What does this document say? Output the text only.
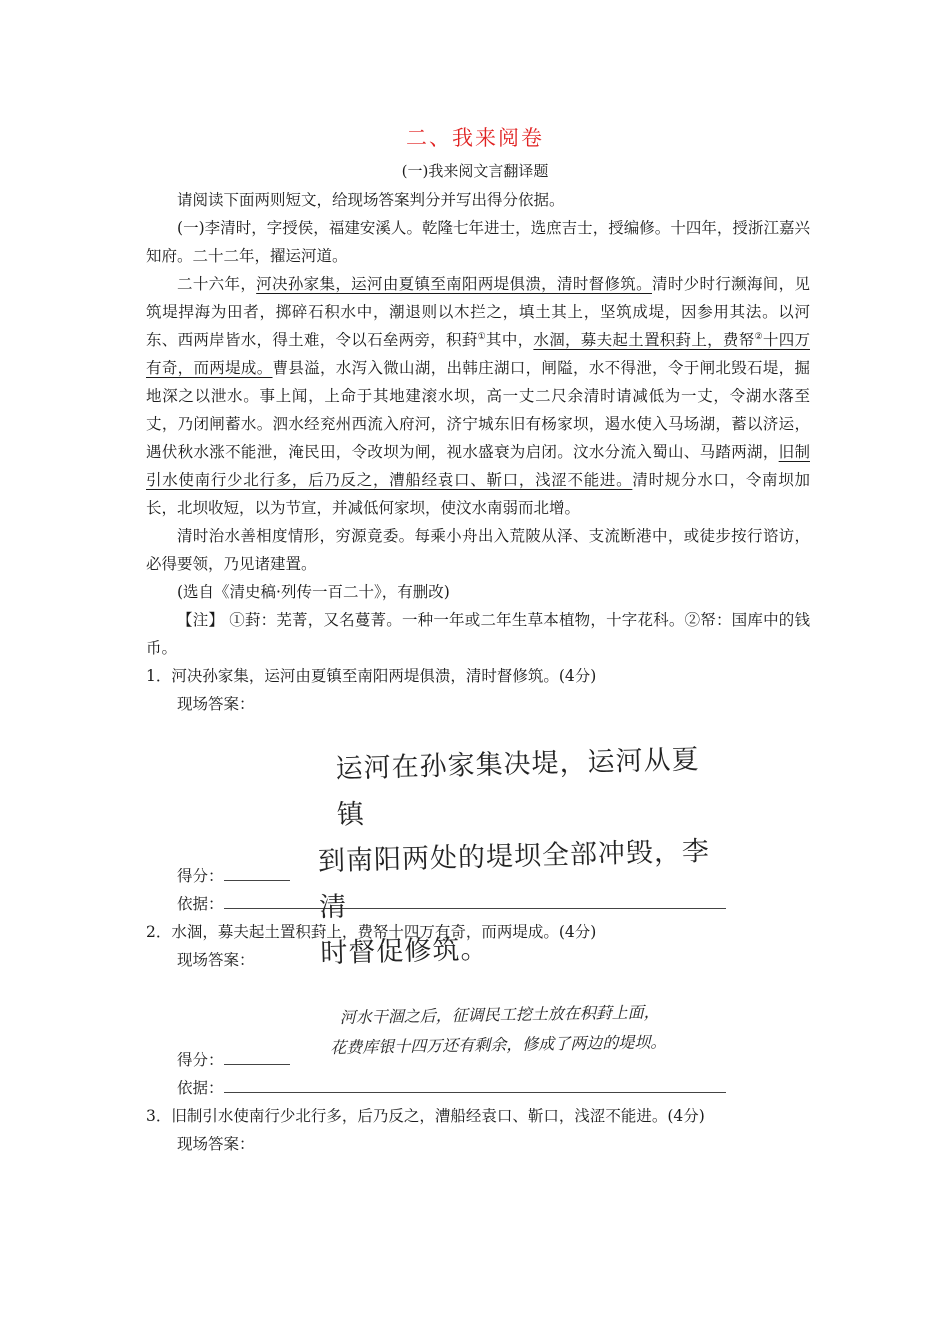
二、我来阅卷
(一)我来阅文言翻译题

请阅读下面两则短文，给现场答案判分并写出得分依据。

(一)李清时，字授侯，福建安溪人。乾隆七年进士，选庶吉士，授编修。十四年，授浙江嘉兴知府。二十二年，擢运河道。

二十六年，河决孙家集，运河由夏镇至南阳两堤俱溃，清时督修筑。清时少时行濒海间，见筑堤捍海为田者，掷碎石积水中，潮退则以木拦之，填土其上，坚筑成堤，因参用其法。以河东、西两岸皆水，得土难，令以石垒两旁，积葑①其中，水涸，募夫起土置积葑上，费帑②十四万有奇，而两堤成。曹县溢，水泻入微山湖，出韩庄湖口，闸隘，水不得泄，令于闸北毁石堤，掘地深之以泄水。事上闻，上命于其地建滚水坝，高一丈二尺余清时请减低为一丈，令湖水落至丈，乃闭闸蓄水。泗水经兖州西流入府河，济宁城东旧有杨家坝，遏水使入马场湖，蓄以济运，遇伏秋水涨不能泄，淹民田，令改坝为闸，视水盛衰为启闭。汶水分流入蜀山、马踏两湖，旧制引水使南行少北行多，后乃反之，漕船经袁口、靳口，浅涩不能进。清时规分水口，令南坝加长，北坝收短，以为节宣，并减低何家坝，使汶水南弱而北增。

清时治水善相度情形，穷源竟委。每乘小舟出入荒陂从泽、支流断港中，或徒步按行谘访，必得要领，乃见诸建置。

(选自《清史稿·列传一百二十》，有删改)

【注】 ①葑：芜菁，又名蔓菁。一种一年或二年生草本植物，十字花科。②帑：国库中的钱币。

1．河决孙家集，运河由夏镇至南阳两堤俱溃，清时督修筑。(4分)

现场答案：

得分：

依据：

2．水涸，募夫起土置积葑上，费帑十四万有奇，而两堤成。(4分)

现场答案：

得分：

依据：

3．旧制引水使南行少北行多，后乃反之，漕船经袁口、靳口，浅涩不能进。(4分)

现场答案：

运河在孙家集决堤，运河从夏镇
到南阳两处的堤坝全部冲毁，李清
时督促修筑。
河水干涸之后，征调民工挖土放在积葑上面，
花费库银十四万还有剩余，修成了两边的堤坝。
